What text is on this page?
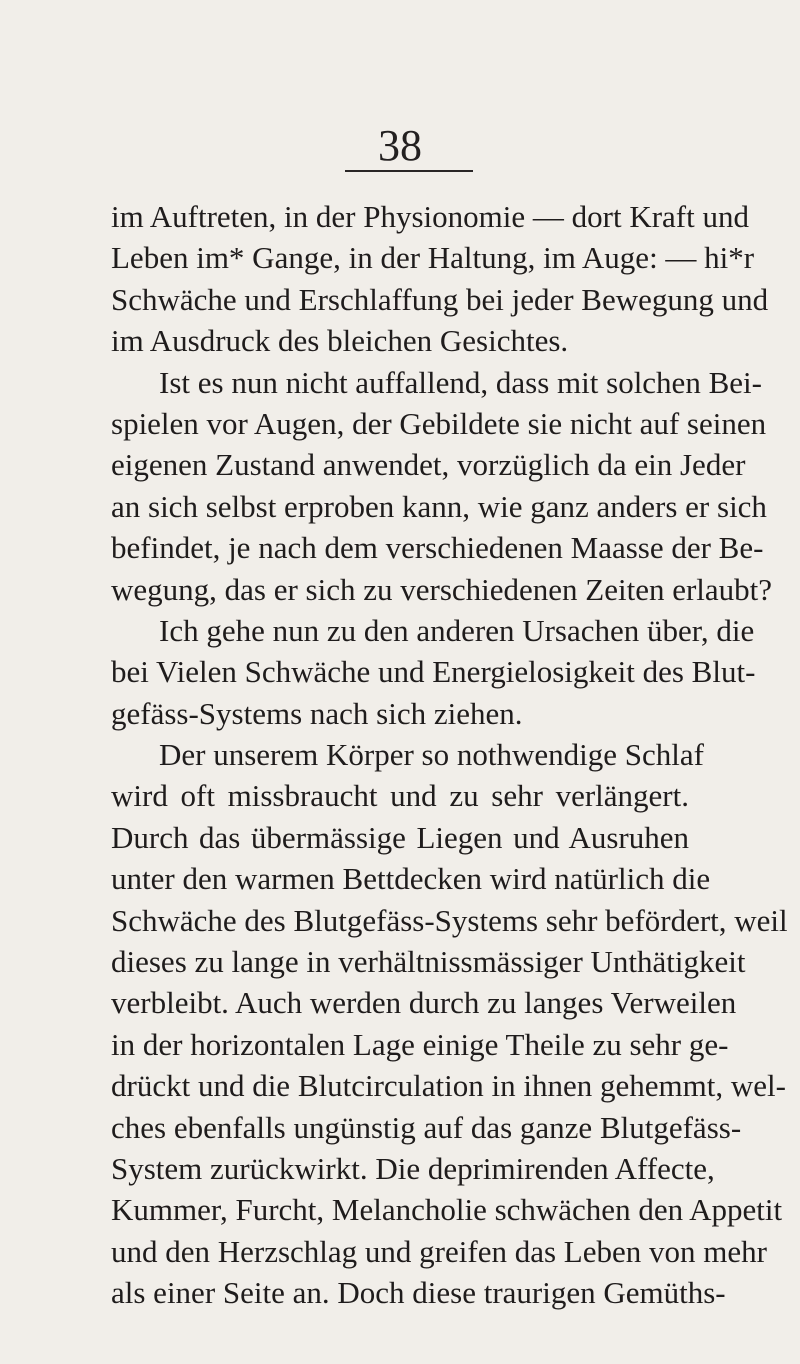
38
im Auftreten, in der Physionomie — dort Kraft und
Leben im* Gange, in der Haltung, im Auge: — hi*r
Schwäche und Erschlaffung bei jeder Bewegung und
im Ausdruck des bleichen Gesichtes.
Ist es nun nicht auffallend, dass mit solchen Bei-
spielen vor Augen, der Gebildete sie nicht auf seinen
eigenen Zustand anwendet, vorzüglich da ein Jeder
an sich selbst erproben kann, wie ganz anders er sich
befindet, je nach dem verschiedenen Maasse der Be-
wegung, das er sich zu verschiedenen Zeiten erlaubt?
Ich gehe nun zu den anderen Ursachen über, die
bei Vielen Schwäche und Energielosigkeit des Blut-
gefäss-Systems nach sich ziehen.
Der unserem Körper so nothwendige Schlaf
wird oft missbraucht und zu sehr verlängert.
Durch das übermässige Liegen und Ausruhen
unter den warmen Bettdecken wird natürlich die
Schwäche des Blutgefäss-Systems sehr befördert, weil
dieses zu lange in verhältnissmässiger Unthätigkeit
verbleibt. Auch werden durch zu langes Verweilen
in der horizontalen Lage einige Theile zu sehr ge-
drückt und die Blutcirculation in ihnen gehemmt, wel-
ches ebenfalls ungünstig auf das ganze Blutgefäss-
System zurückwirkt. Die deprimirenden Affecte,
Kummer, Furcht, Melancholie schwächen den Appetit
und den Herzschlag und greifen das Leben von mehr
als einer Seite an. Doch diese traurigen Gemüths-
